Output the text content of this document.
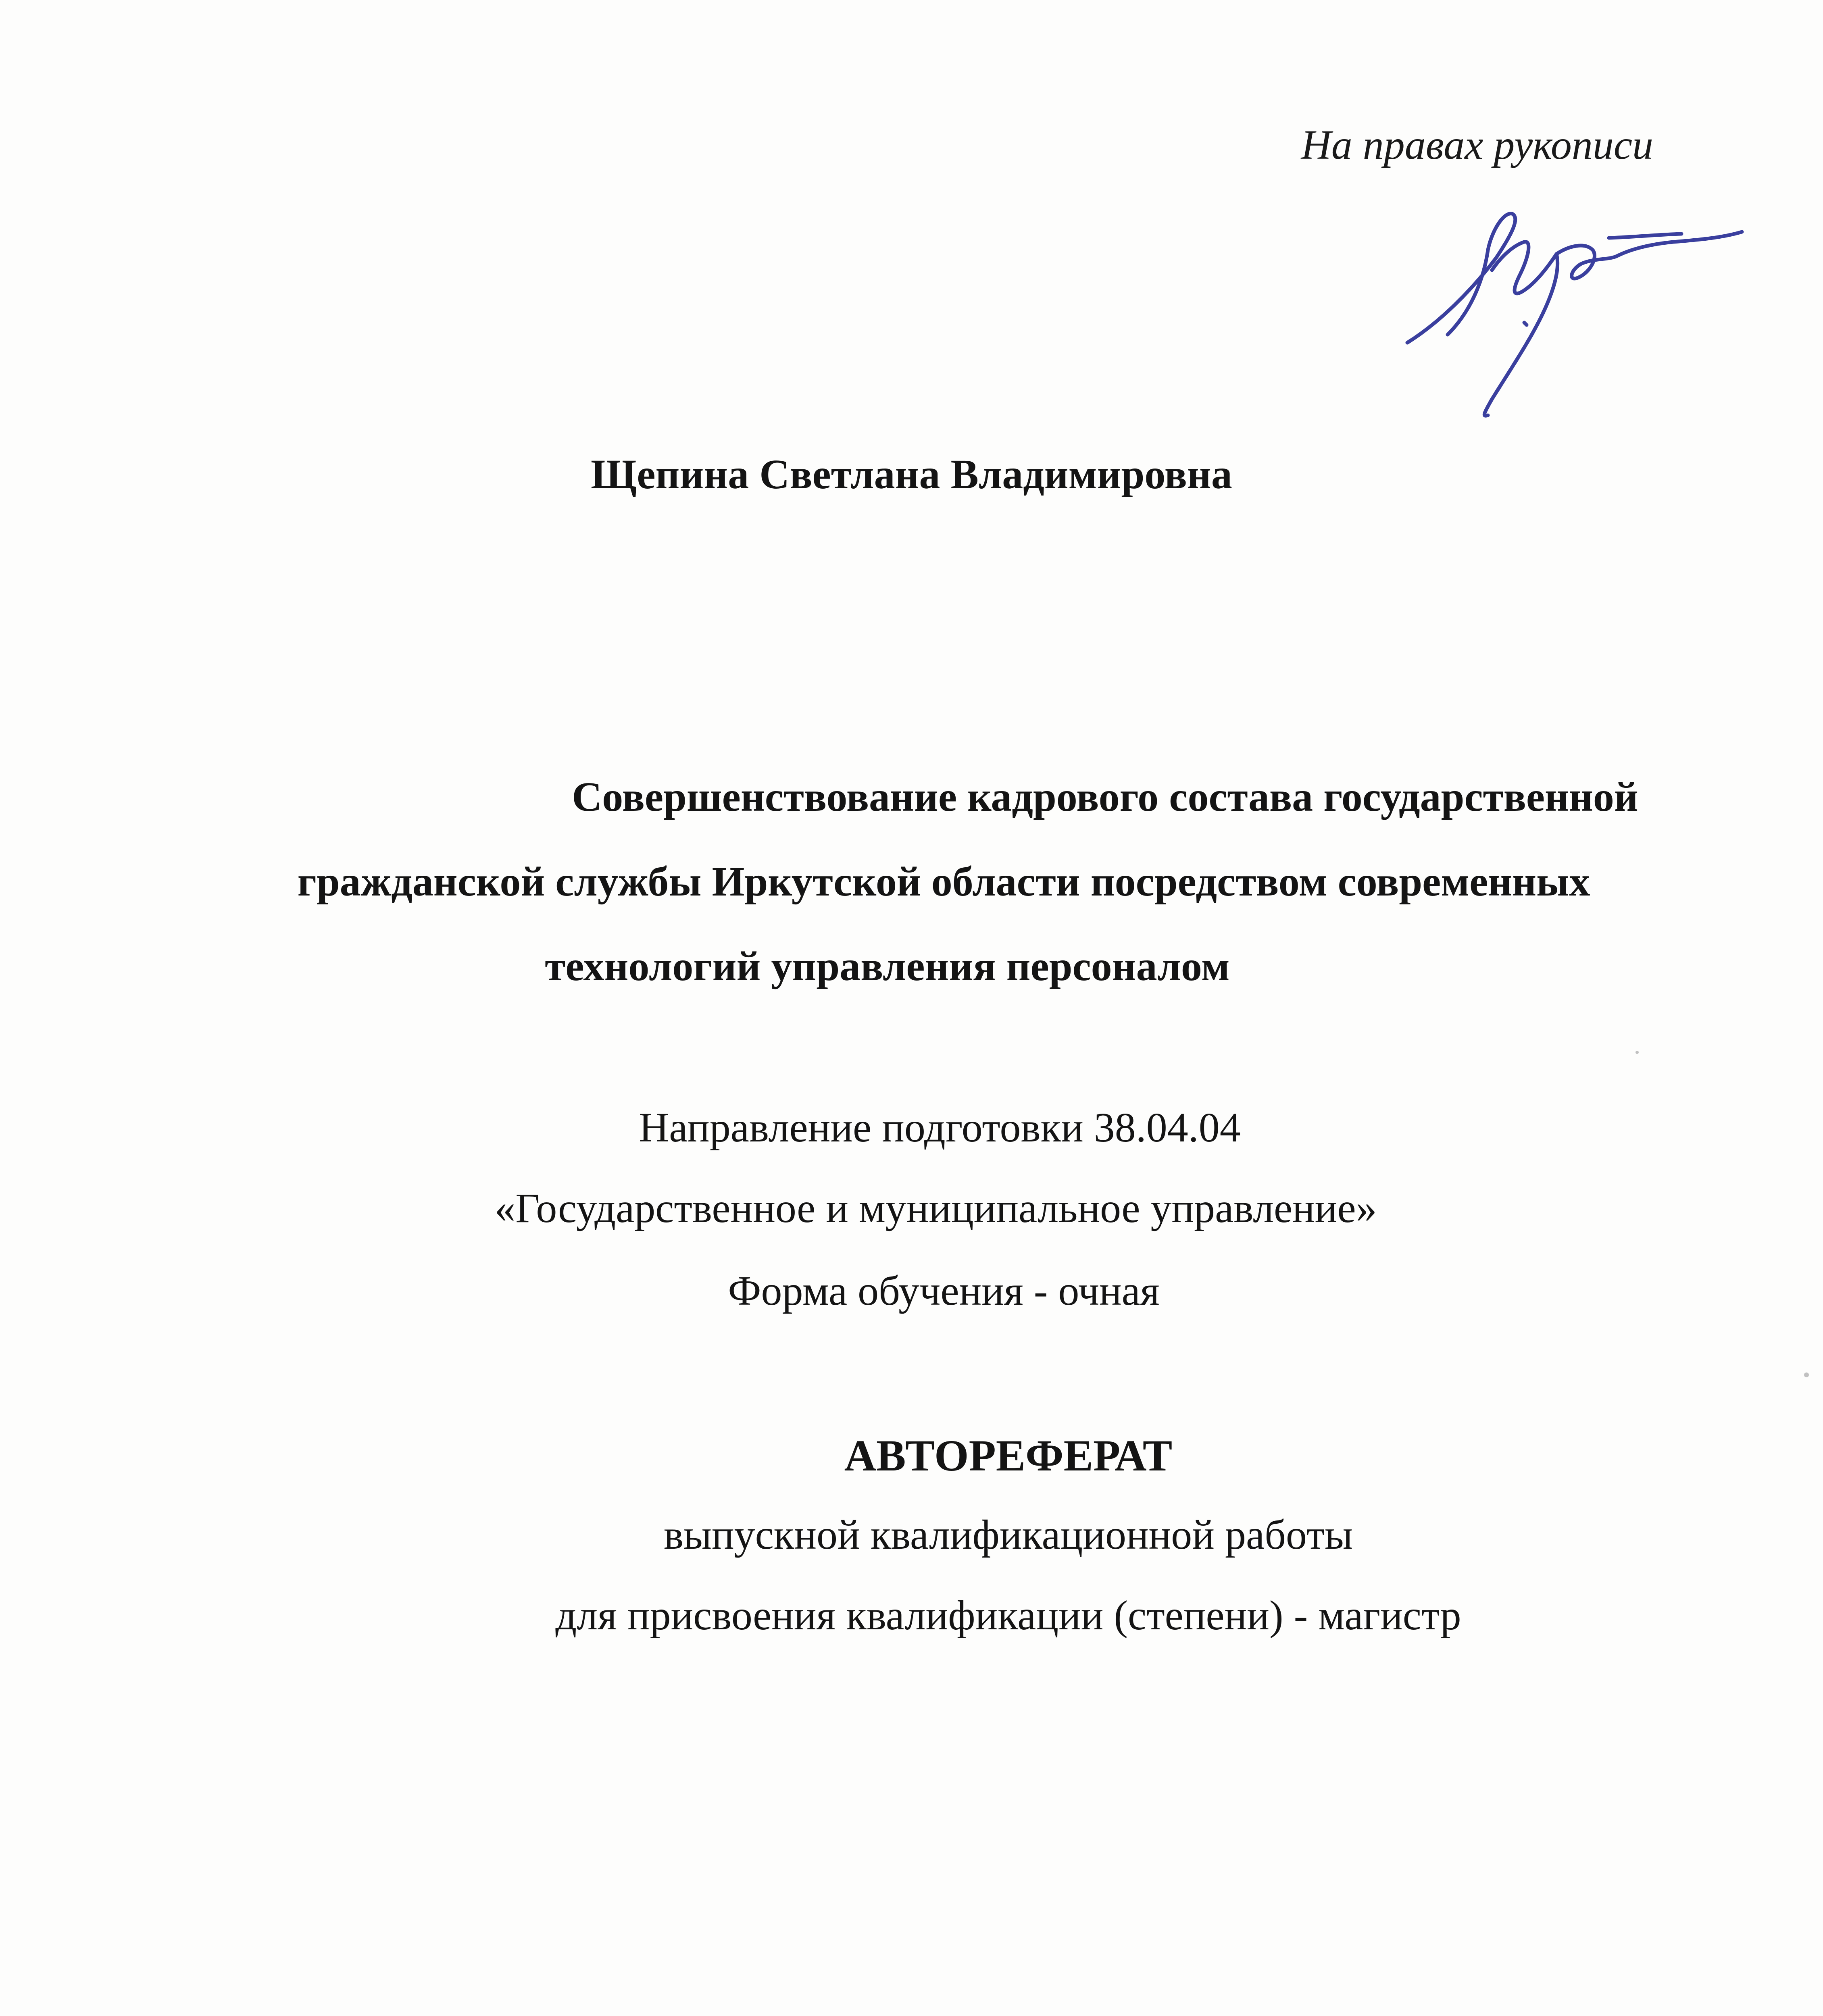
На правах рукописи
Щепина Светлана Владимировна
Совершенствование кадрового состава государственной
гражданской службы Иркутской области посредством современных
технологий управления персоналом
Направление подготовки 38.04.04
«Государственное и муниципальное управление»
Форма обучения - очная
АВТОРЕФЕРАТ
выпускной квалификационной работы
для присвоения квалификации (степени) - магистр
